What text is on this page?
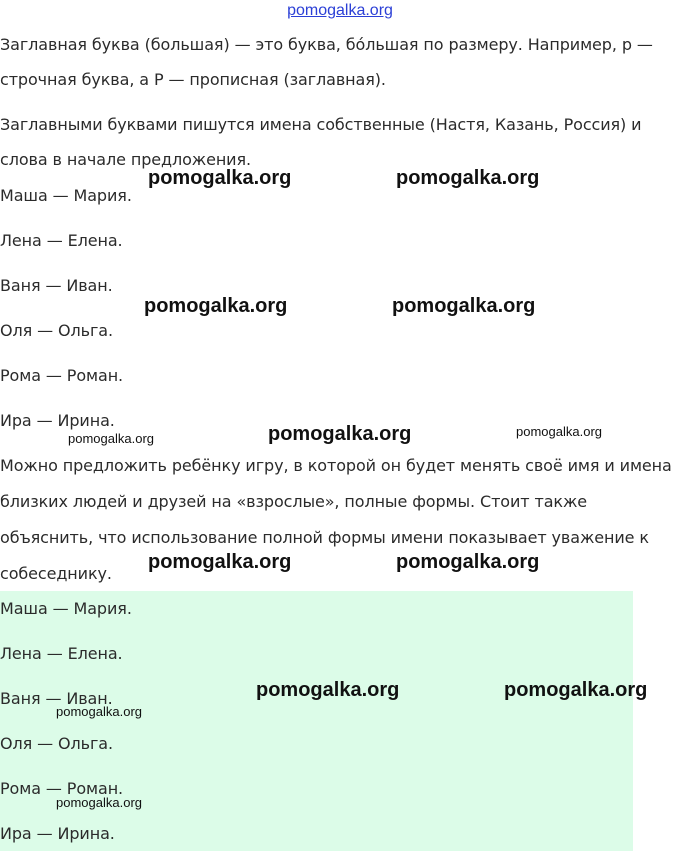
pomogalka.org

Заглавная буква (большая) — это буква, бо́льшая по размеру. Например, р —

строчная буква, а Р — прописная (заглавная).

Заглавными буквами пишутся имена собственные (Настя, Казань, Россия) и

слова в начале предложения.

Маша — Мария.

Лена — Елена.

Ваня — Иван.

Оля — Ольга.

Рома — Роман.

Ира — Ирина.

Можно предложить ребёнку игру, в которой он будет менять своё имя и имена

близких людей и друзей на «взрослые», полные формы. Стоит также

объяснить, что использование полной формы имени показывает уважение к

собеседнику.

Маша — Мария.

Лена — Елена.

Ваня — Иван.

Оля — Ольга.

Рома — Роман.

Ира — Ирина.

pomogalka.org	pomogalka.org
pomogalka.org	pomogalka.org
pomogalka.org	pomogalka.org	pomogalka.org
pomogalka.org	pomogalka.org
pomogalka.org	pomogalka.org
pomogalka.org
pomogalka.org
